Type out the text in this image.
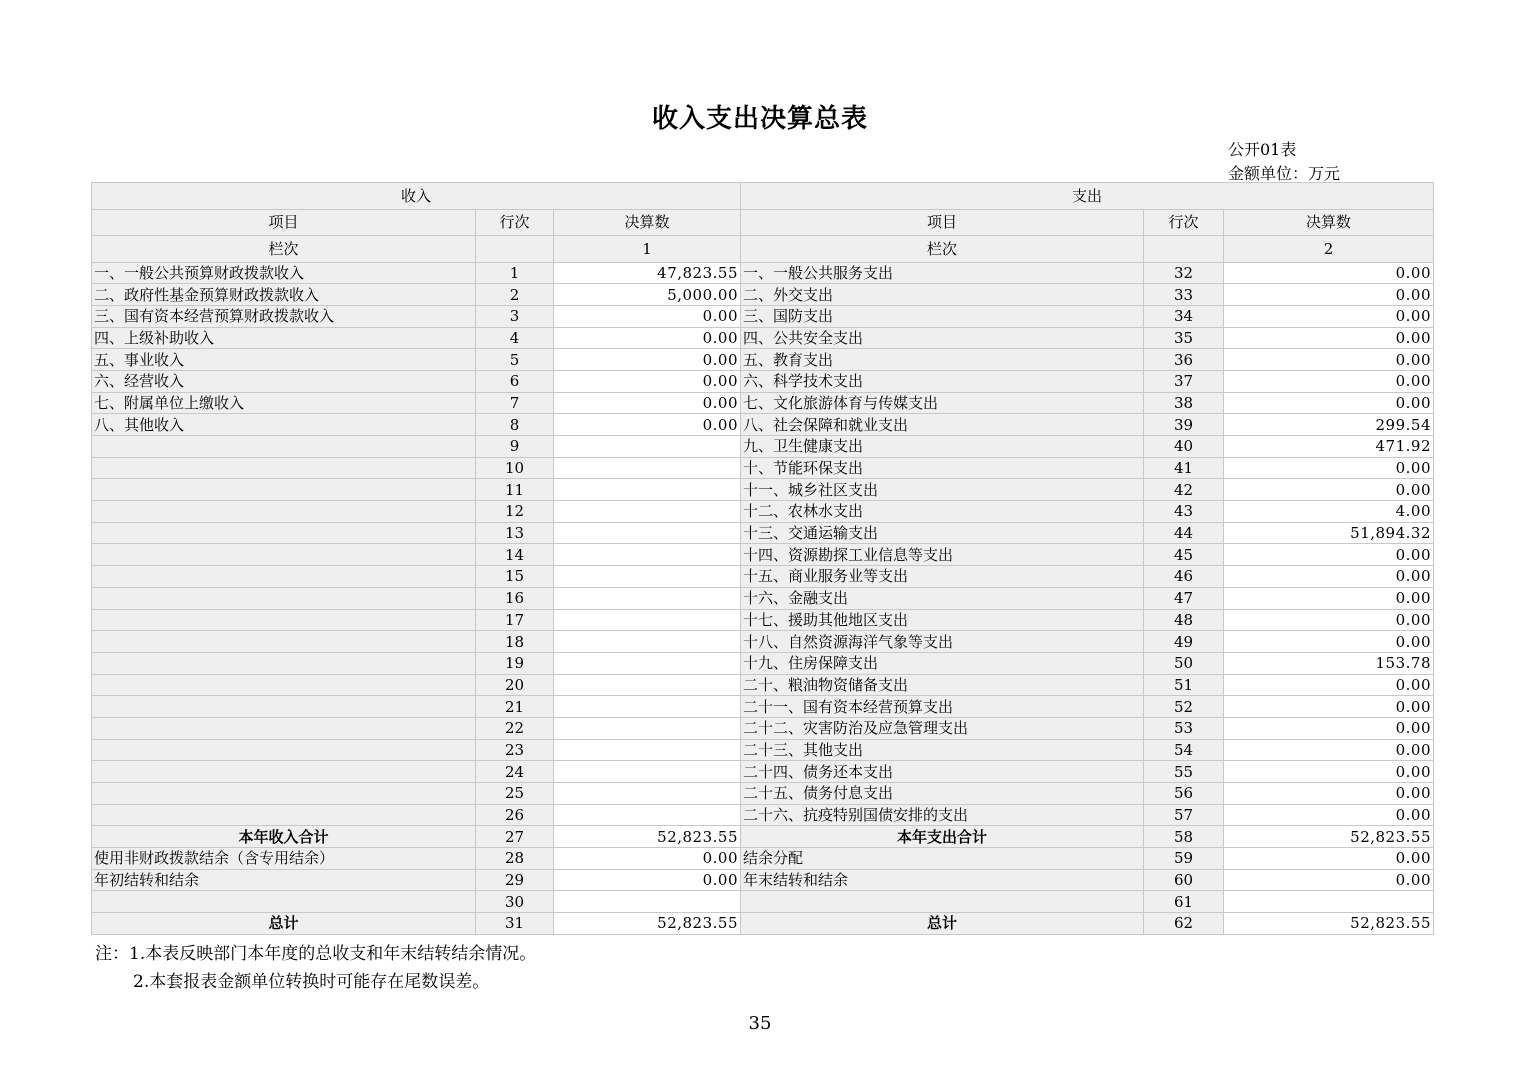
收入支出决算总表
公开01表
金额单位：万元
收入			支出		
项目	行次	决算数	项目	行次	决算数
栏次		1	栏次		2
一、一般公共预算财政拨款收入	1	47,823.55	一、一般公共服务支出	32	0.00
二、政府性基金预算财政拨款收入	2	5,000.00	二、外交支出	33	0.00
三、国有资本经营预算财政拨款收入	3	0.00	三、国防支出	34	0.00
四、上级补助收入	4	0.00	四、公共安全支出	35	0.00
五、事业收入	5	0.00	五、教育支出	36	0.00
六、经营收入	6	0.00	六、科学技术支出	37	0.00
七、附属单位上缴收入	7	0.00	七、文化旅游体育与传媒支出	38	0.00
八、其他收入	8	0.00	八、社会保障和就业支出	39	299.54
	9		九、卫生健康支出	40	471.92
	10		十、节能环保支出	41	0.00
	11		十一、城乡社区支出	42	0.00
	12		十二、农林水支出	43	4.00
	13		十三、交通运输支出	44	51,894.32
	14		十四、资源勘探工业信息等支出	45	0.00
	15		十五、商业服务业等支出	46	0.00
	16		十六、金融支出	47	0.00
	17		十七、援助其他地区支出	48	0.00
	18		十八、自然资源海洋气象等支出	49	0.00
	19		十九、住房保障支出	50	153.78
	20		二十、粮油物资储备支出	51	0.00
	21		二十一、国有资本经营预算支出	52	0.00
	22		二十二、灾害防治及应急管理支出	53	0.00
	23		二十三、其他支出	54	0.00
	24		二十四、债务还本支出	55	0.00
	25		二十五、债务付息支出	56	0.00
	26		二十六、抗疫特别国债安排的支出	57	0.00
本年收入合计	27	52,823.55	本年支出合计	58	52,823.55
使用非财政拨款结余（含专用结余）	28	0.00	结余分配	59	0.00
年初结转和结余	29	0.00	年末结转和结余	60	0.00
	30			61	
总计	31	52,823.55	总计	62	52,823.55
注：1.本表反映部门本年度的总收支和年末结转结余情况。
2.本套报表金额单位转换时可能存在尾数误差。
35
